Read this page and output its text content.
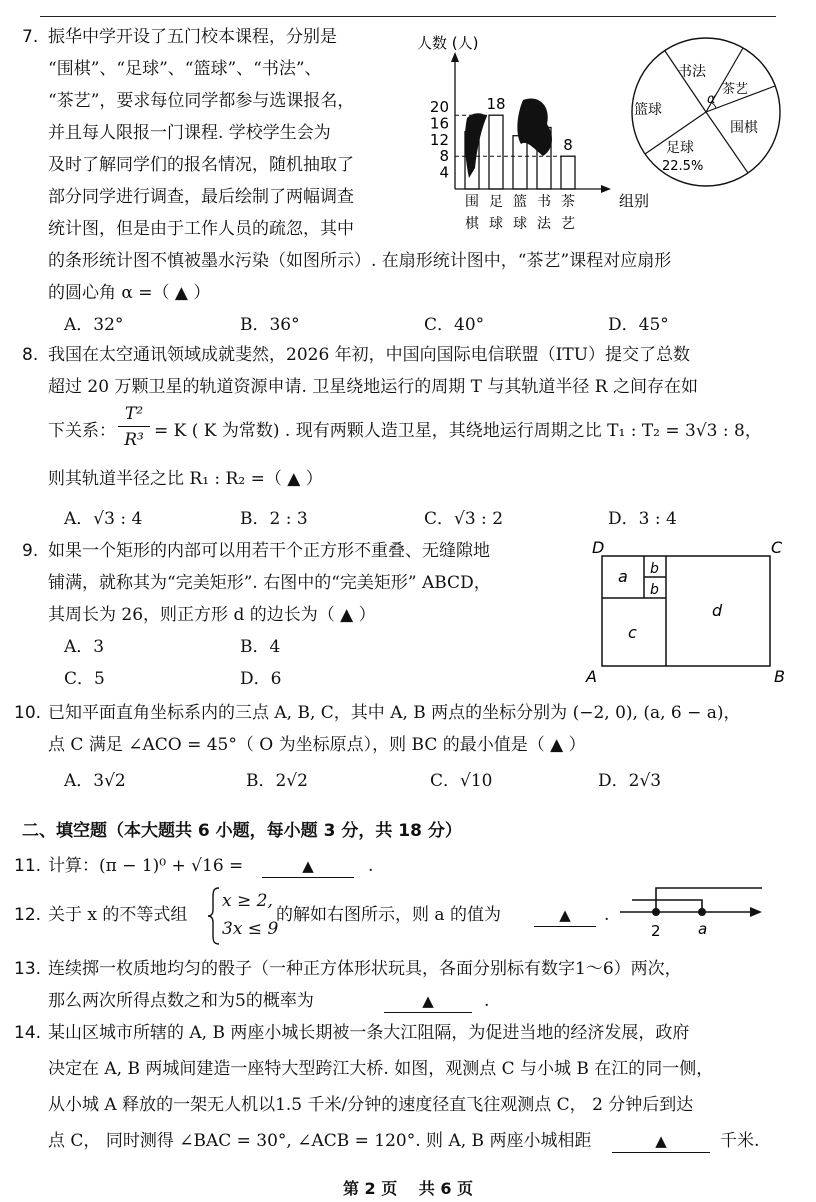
7. 振华中学开设了五门校本课程，分别是
“围棋”、“足球”、“篮球”、“书法”、
“茶艺”，要求每位同学都参与选课报名，
并且每人限报一门课程. 学校学生会为
及时了解同学们的报名情况，随机抽取了
部分同学进行调查，最后绘制了两幅调查
统计图，但是由于工作人员的疏忽，其中
的条形统计图不慎被墨水污染（如图所示）. 在扇形统计图中，“茶艺”课程对应扇形
的圆心角 α =（ ▲ ）
A．32°	B．36°	C．40°	D．45°
人数 (人)
组别
4
8
12
16
20
围
棋
足
球
篮
球
书
法
茶
艺
18
8
书法
茶艺
α
篮球
围棋
足球
22.5%
8. 我国在太空通讯领域成就斐然，2026 年初，中国向国际电信联盟（ITU）提交了总数
超过 20 万颗卫星的轨道资源申请. 卫星绕地运行的周期 T 与其轨道半径 R 之间存在如
下关系：
T²
R³ = K ( K 为常数) . 现有两颗人造卫星，其绕地运行周期之比 T₁ : T₂ = 3√3 : 8，
则其轨道半径之比 R₁ : R₂ =（ ▲ ）
A．√3 : 4	B．2 : 3	C．√3 : 2	D．3 : 4
9. 如果一个矩形的内部可以用若干个正方形不重叠、无缝隙地
铺满，就称其为“完美矩形”. 右图中的“完美矩形” ABCD，
其周长为 26，则正方形 d 的边长为（ ▲ ）
A．3	B．4
C．5	D．6
D	C
A	B
a b
b
c
d
10. 已知平面直角坐标系内的三点 A, B, C，其中 A, B 两点的坐标分别为 (−2, 0), (a, 6 − a)，
点 C 满足 ∠ACO = 45°（ O 为坐标原点），则 BC 的最小值是（ ▲ ）
A．3√2	B．2√2	C．√10	D．2√3
二、填空题（本大题共 6 小题，每小题 3 分，共 18 分）
11. 计算：(π − 1)⁰ + √16 =	▲	.
12. 关于 x 的不等式组
x ≥ 2,
3x ≤ 9
的解如右图所示，则 a 的值为	▲	.
2 a
13. 连续掷一枚质地均匀的骰子（一种正方体形状玩具，各面分别标有数字1～6）两次，
那么两次所得点数之和为5的概率为	▲	.
14. 某山区城市所辖的 A, B 两座小城长期被一条大江阻隔，为促进当地的经济发展，政府
决定在 A, B 两城间建造一座特大型跨江大桥. 如图，观测点 C 与小城 B 在江的同一侧，
从小城 A 释放的一架无人机以1.5 千米/分钟的速度径直飞往观测点 C， 2 分钟后到达
点 C， 同时测得 ∠BAC = 30°, ∠ACB = 120°. 则 A, B 两座小城相距	▲	千米.
第 2 页　 共 6 页
